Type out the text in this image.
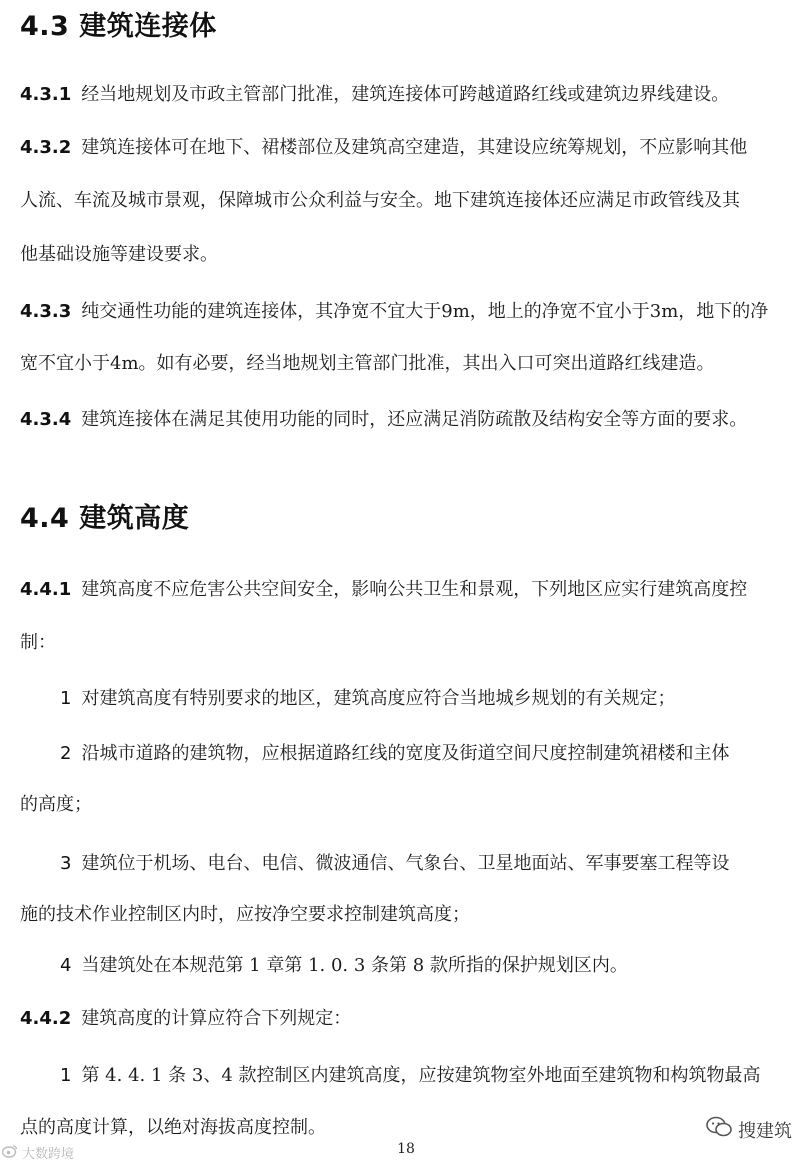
4.3 建筑连接体

4.3.1 经当地规划及市政主管部门批准，建筑连接体可跨越道路红线或建筑边界线建设。

4.3.2 建筑连接体可在地下、裙楼部位及建筑高空建造，其建设应统筹规划，不应影响其他

人流、车流及城市景观，保障城市公众利益与安全。地下建筑连接体还应满足市政管线及其

他基础设施等建设要求。

4.3.3 纯交通性功能的建筑连接体，其净宽不宜大于9m，地上的净宽不宜小于3m，地下的净

宽不宜小于4m。如有必要，经当地规划主管部门批准，其出入口可突出道路红线建造。

4.3.4 建筑连接体在满足其使用功能的同时，还应满足消防疏散及结构安全等方面的要求。

4.4 建筑高度

4.4.1 建筑高度不应危害公共空间安全，影响公共卫生和景观，下列地区应实行建筑高度控

制：

1 对建筑高度有特别要求的地区，建筑高度应符合当地城乡规划的有关规定；

2 沿城市道路的建筑物，应根据道路红线的宽度及街道空间尺度控制建筑裙楼和主体

的高度；

3 建筑位于机场、电台、电信、微波通信、气象台、卫星地面站、军事要塞工程等设

施的技术作业控制区内时，应按净空要求控制建筑高度；

4 当建筑处在本规范第 1 章第 1. 0. 3 条第 8 款所指的保护规划区内。

4.4.2 建筑高度的计算应符合下列规定：

1 第 4. 4. 1 条 3、4 款控制区内建筑高度，应按建筑物室外地面至建筑物和构筑物最高

点的高度计算，以绝对海拔高度控制。

18
大数跨境
搜建筑
